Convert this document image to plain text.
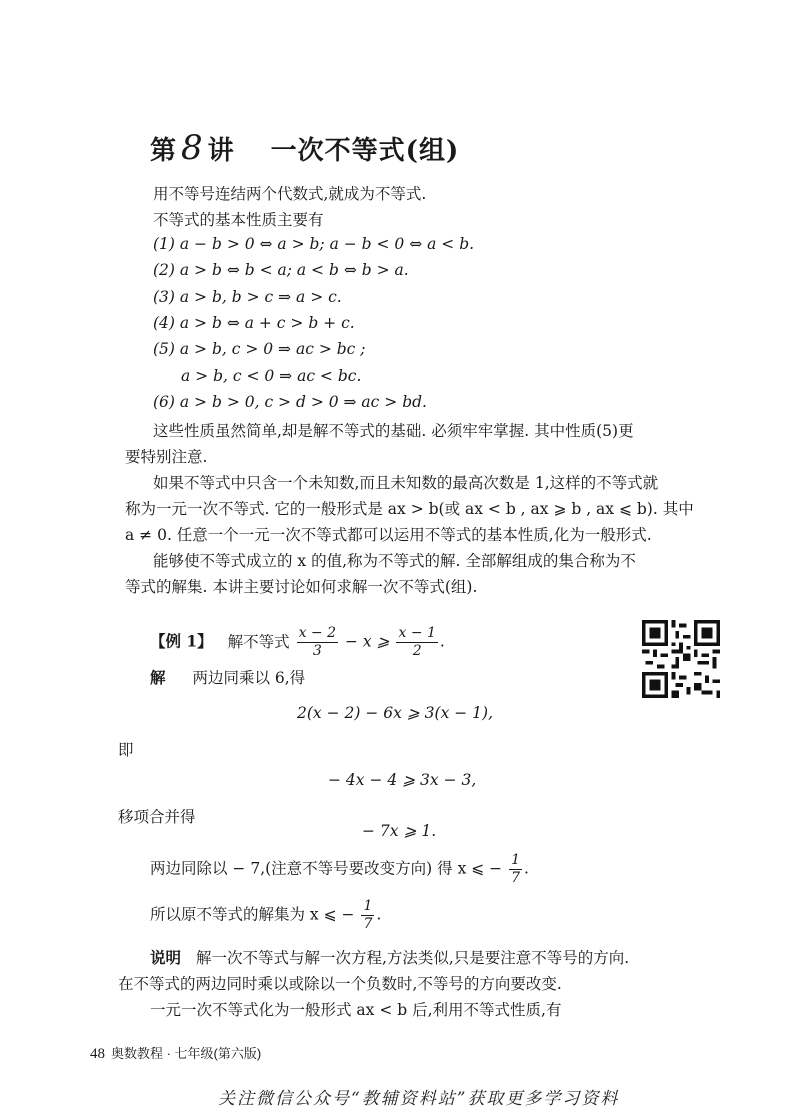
第 8 讲 一次不等式(组)
用不等号连结两个代数式,就成为不等式.
不等式的基本性质主要有
(1) a − b > 0 ⇔ a > b; a − b < 0 ⇔ a < b.
(2) a > b ⇔ b < a; a < b ⇔ b > a.
(3) a > b, b > c ⇒ a > c.
(4) a > b ⇔ a + c > b + c.
(5) a > b, c > 0 ⇒ ac > bc ;
a > b, c < 0 ⇒ ac < bc.
(6) a > b > 0, c > d > 0 ⇒ ac > bd.
这些性质虽然简单,却是解不等式的基础. 必须牢牢掌握. 其中性质(5)更
要特别注意.
如果不等式中只含一个未知数,而且未知数的最高次数是 1,这样的不等式就
称为一元一次不等式. 它的一般形式是 ax > b(或 ax < b , ax ⩾ b , ax ⩽ b). 其中
a ≠ 0. 任意一个一元一次不等式都可以运用不等式的基本性质,化为一般形式.
能够使不等式成立的 x 的值,称为不等式的解. 全部解组成的集合称为不
等式的解集. 本讲主要讨论如何求解一次不等式(组).
【例 1】 解不等式 $\frac{x - 2}{3} - x$ ⩾ $\frac{x - 1}{2}$ .
解 两边同乘以 6,得
2(x − 2) − 6x ⩾ 3(x − 1),
即
− 4x − 4 ⩾ 3x − 3,
移项合并得
− 7x ⩾ 1.
两边同除以 − 7,(注意不等号要改变方向) 得 x ⩽ − $\frac{1}{7}$ .
所以原不等式的解集为 x ⩽ − $\frac{1}{7}$ .
说明 解一次不等式与解一次方程,方法类似,只是要注意不等号的方向.
在不等式的两边同时乘以或除以一个负数时,不等号的方向要改变.
一元一次不等式化为一般形式 ax < b 后,利用不等式性质,有
48 奥数教程 · 七年级(第六版)
关注微信公众号“教辅资料站”获取更多学习资料
